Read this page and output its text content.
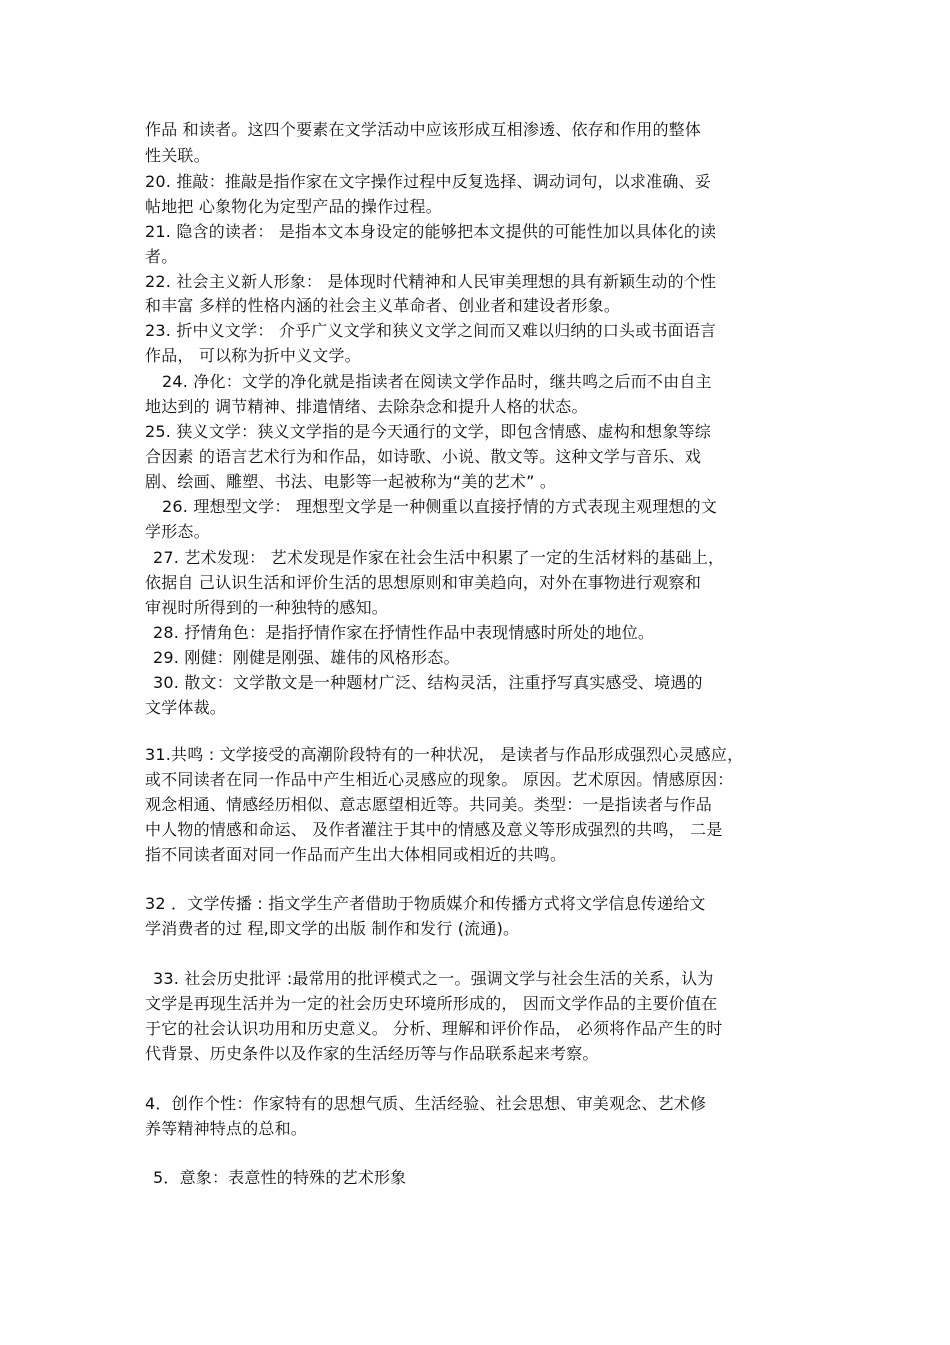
作品 和读者。这四个要素在文学活动中应该形成互相渗透、依存和作用的整体
性关联。
20. 推敲：推敲是指作家在文字操作过程中反复选择、调动词句，以求准确、妥
帖地把 心象物化为定型产品的操作过程。
21. 隐含的读者： 是指本文本身设定的能够把本文提供的可能性加以具体化的读
者。
22. 社会主义新人形象： 是体现时代精神和人民审美理想的具有新颖生动的个性
和丰富 多样的性格内涵的社会主义革命者、创业者和建设者形象。
23. 折中义文学： 介乎广义文学和狭义文学之间而又难以归纳的口头或书面语言
作品， 可以称为折中义文学。
24. 净化：文学的净化就是指读者在阅读文学作品时，继共鸣之后而不由自主
地达到的 调节精神、排遣情绪、去除杂念和提升人格的状态。
25. 狭义文学：狭义文学指的是今天通行的文学，即包含情感、虚构和想象等综
合因素 的语言艺术行为和作品，如诗歌、小说、散文等。这种文学与音乐、戏
剧、绘画、雕塑、书法、电影等一起被称为“美的艺术” 。
26. 理想型文学： 理想型文学是一种侧重以直接抒情的方式表现主观理想的文
学形态。
27. 艺术发现： 艺术发现是作家在社会生活中积累了一定的生活材料的基础上，
依据自 己认识生活和评价生活的思想原则和审美趋向，对外在事物进行观察和
审视时所得到的一种独特的感知。
28. 抒情角色：是指抒情作家在抒情性作品中表现情感时所处的地位。
29. 刚健：刚健是刚强、雄伟的风格形态。
30. 散文：文学散文是一种题材广泛、结构灵活，注重抒写真实感受、境遇的
文学体裁。
31.共鸣 : 文学接受的高潮阶段特有的一种状况， 是读者与作品形成强烈心灵感应，
或不同读者在同一作品中产生相近心灵感应的现象。 原因。艺术原因。情感原因：
观念相通、情感经历相似、意志愿望相近等。共同美。类型：一是指读者与作品
中人物的情感和命运、 及作者灌注于其中的情感及意义等形成强烈的共鸣， 二是
指不同读者面对同一作品而产生出大体相同或相近的共鸣。
32 ．文学传播 : 指文学生产者借助于物质媒介和传播方式将文学信息传递给文
学消费者的过 程,即文学的出版 制作和发行 (流通)。
33. 社会历史批评 :最常用的批评模式之一。强调文学与社会生活的关系，认为
文学是再现生活并为一定的社会历史环境所形成的， 因而文学作品的主要价值在
于它的社会认识功用和历史意义。 分析、理解和评价作品， 必须将作品产生的时
代背景、历史条件以及作家的生活经历等与作品联系起来考察。
4．创作个性：作家特有的思想气质、生活经验、社会思想、审美观念、艺术修
养等精神特点的总和。
5．意象：表意性的特殊的艺术形象
